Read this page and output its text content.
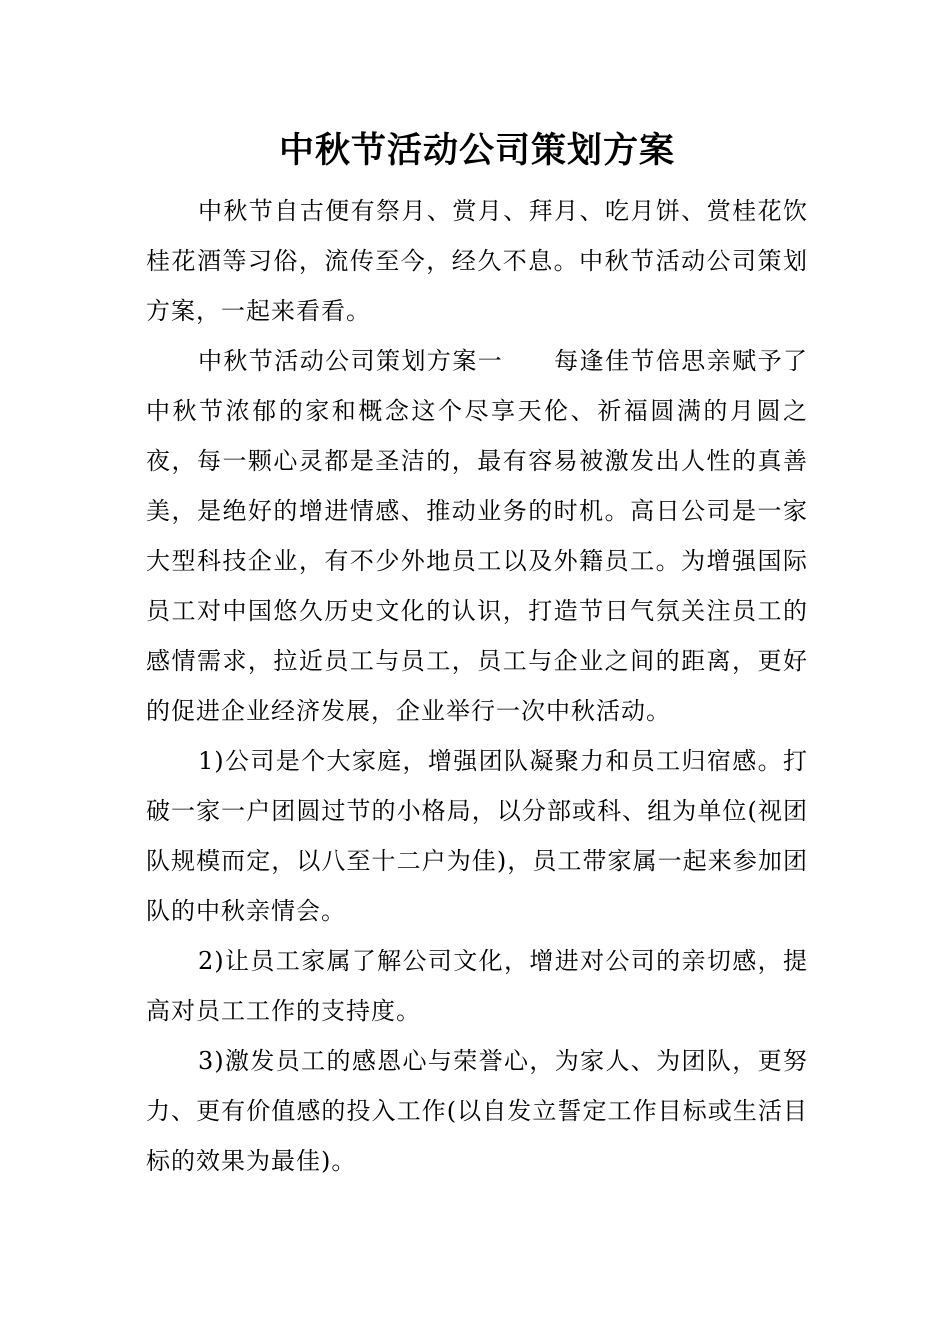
中秋节活动公司策划方案

中秋节自古便有祭月、赏月、拜月、吃月饼、赏桂花饮桂花酒等习俗，流传至今，经久不息。中秋节活动公司策划方案，一起来看看。

中秋节活动公司策划方案一　　每逢佳节倍思亲赋予了中秋节浓郁的家和概念这个尽享天伦、祈福圆满的月圆之夜，每一颗心灵都是圣洁的，最有容易被激发出人性的真善美，是绝好的增进情感、推动业务的时机。高日公司是一家大型科技企业，有不少外地员工以及外籍员工。为增强国际员工对中国悠久历史文化的认识，打造节日气氛关注员工的感情需求，拉近员工与员工，员工与企业之间的距离，更好的促进企业经济发展，企业举行一次中秋活动。

1)公司是个大家庭，增强团队凝聚力和员工归宿感。打破一家一户团圆过节的小格局，以分部或科、组为单位(视团队规模而定，以八至十二户为佳)，员工带家属一起来参加团队的中秋亲情会。

2)让员工家属了解公司文化，增进对公司的亲切感，提高对员工工作的支持度。

3)激发员工的感恩心与荣誉心，为家人、为团队，更努力、更有价值感的投入工作(以自发立誓定工作目标或生活目标的效果为最佳)。
